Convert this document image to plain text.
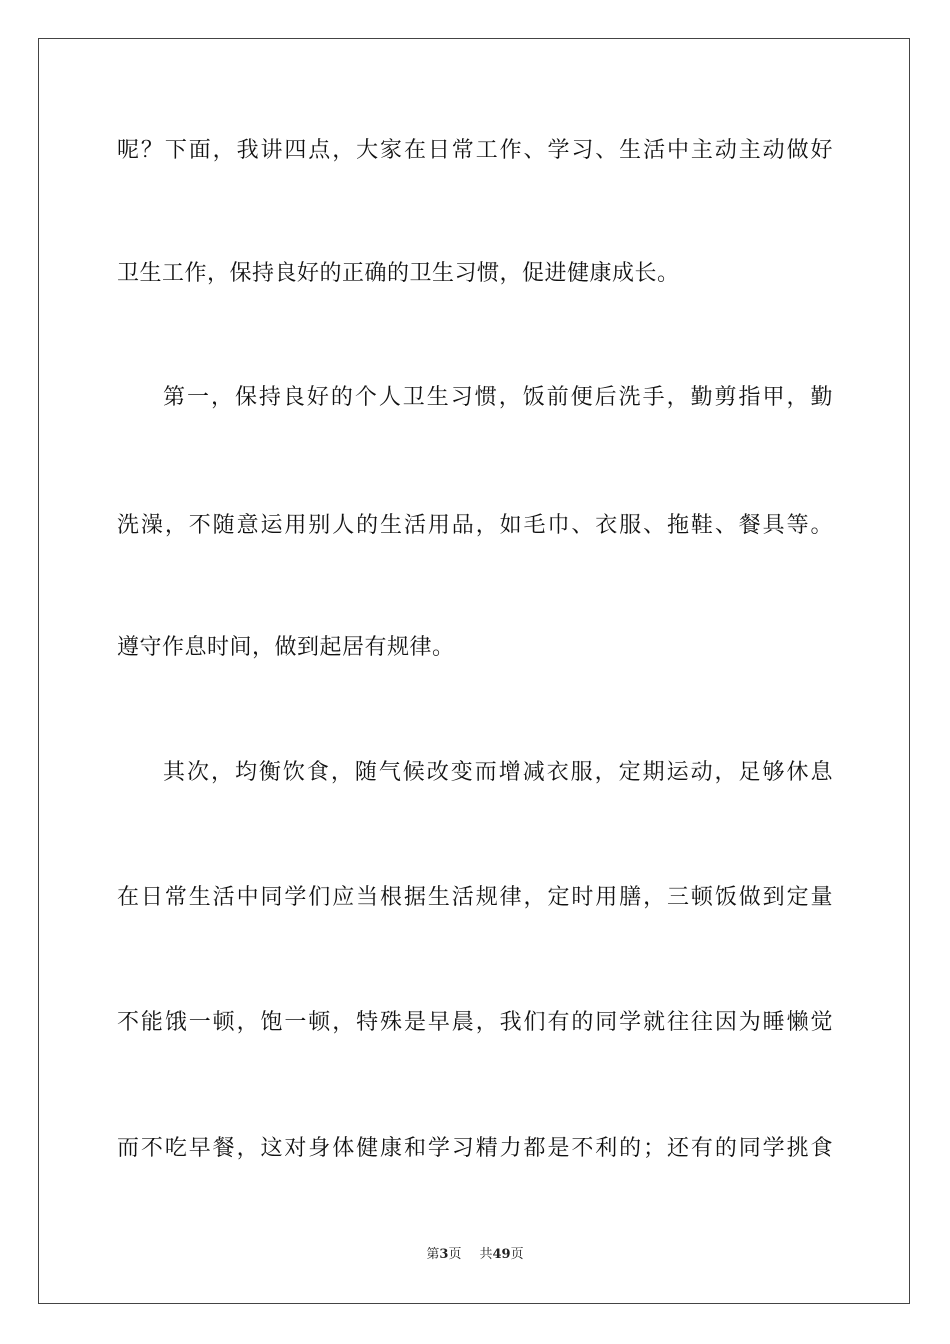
呢？下面，我讲四点，大家在日常工作、学习、生活中主动主动做好
卫生工作，保持良好的正确的卫生习惯，促进健康成长。
第一，保持良好的个人卫生习惯，饭前便后洗手，勤剪指甲，勤
洗澡，不随意运用别人的生活用品，如毛巾、衣服、拖鞋、餐具等。
遵守作息时间，做到起居有规律。
其次，均衡饮食，随气候改变而增减衣服，定期运动，足够休息
在日常生活中同学们应当根据生活规律，定时用膳，三顿饭做到定量
不能饿一顿，饱一顿，特殊是早晨，我们有的同学就往往因为睡懒觉
而不吃早餐，这对身体健康和学习精力都是不利的；还有的同学挑食
第3页 共49页
